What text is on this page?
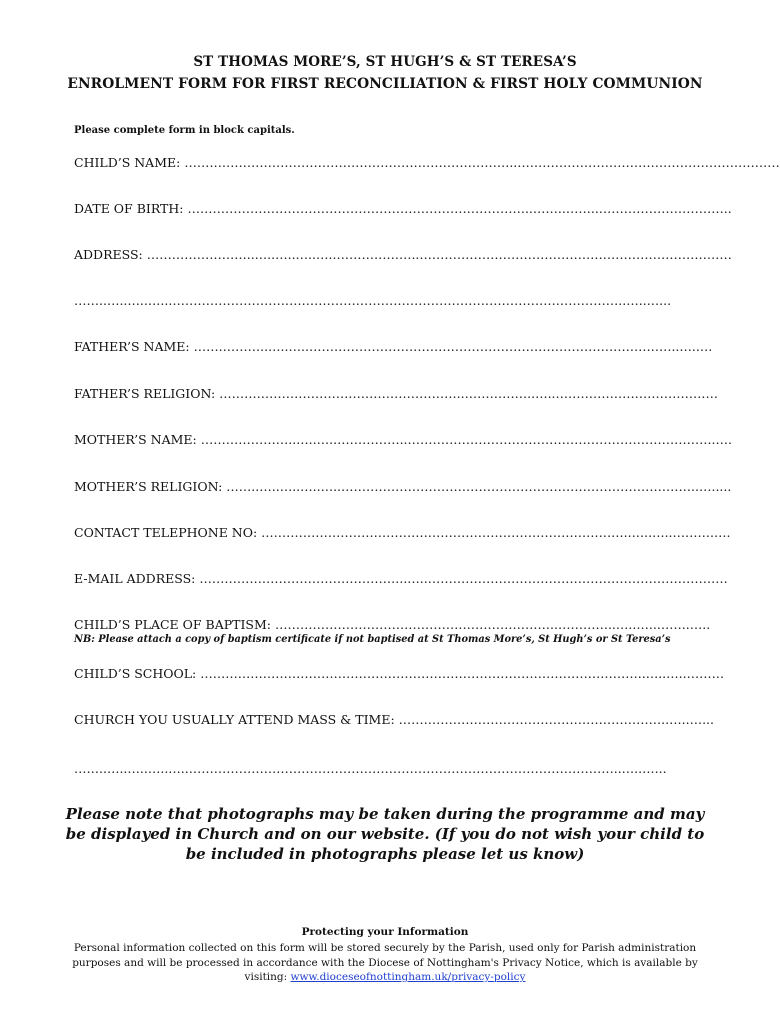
ST THOMAS MORE’S, ST HUGH’S & ST TERESA’S
ENROLMENT FORM FOR FIRST RECONCILIATION & FIRST HOLY COMMUNION
Please complete form in block capitals.
CHILD’S NAME: ……………………………………………………………………..………………………………………………………
DATE OF BIRTH: ………………………………………………………………………..……..……..…………………………..
ADDRESS: ……………………..…..…..…..…..………………..…………………………………………………………………
……..…..…..…..………………………………………………………………………………………………..…..…...
FATHER’S NAME: …….………..…..…..……………………………………………………………………………..…..…
FATHER’S RELIGION: …………………………………………………..……………..…..…………………………………
MOTHER’S NAME: …………………..…..…..……………..………………………………………………………………..….
MOTHER’S RELIGION: ……..…..…..…..…..…………………………………………………………………………..….....
CONTACT TELEPHONE NO: ……………………………………………………………………………..…..…..……….….
E-MAIL ADDRESS: …………………………………………..…..………………………………………………………………
CHILD’S PLACE OF BAPTISM: …………………………………………………………..…………..…..…..……..…..
NB: Please attach a copy of baptism certificate if not baptised at St Thomas More’s, St Hugh’s or St Teresa’s
CHILD’S SCHOOL: ……………………………………………………………………………………………..…..…..………
CHURCH YOU USUALLY ATTEND MASS & TIME: ………………………………………………………..…..…...
……..…..…..…..…..…………………………………………………………………………………………..…..…...
Please note that photographs may be taken during the programme and may be displayed in Church and on our website. (If you do not wish your child to be included in photographs please let us know)
Protecting your Information
Personal information collected on this form will be stored securely by the Parish, used only for Parish administration purposes and will be processed in accordance with the Diocese of Nottingham's Privacy Notice, which is available by visiting: www.dioceseofnottingham.uk/privacy-policy
